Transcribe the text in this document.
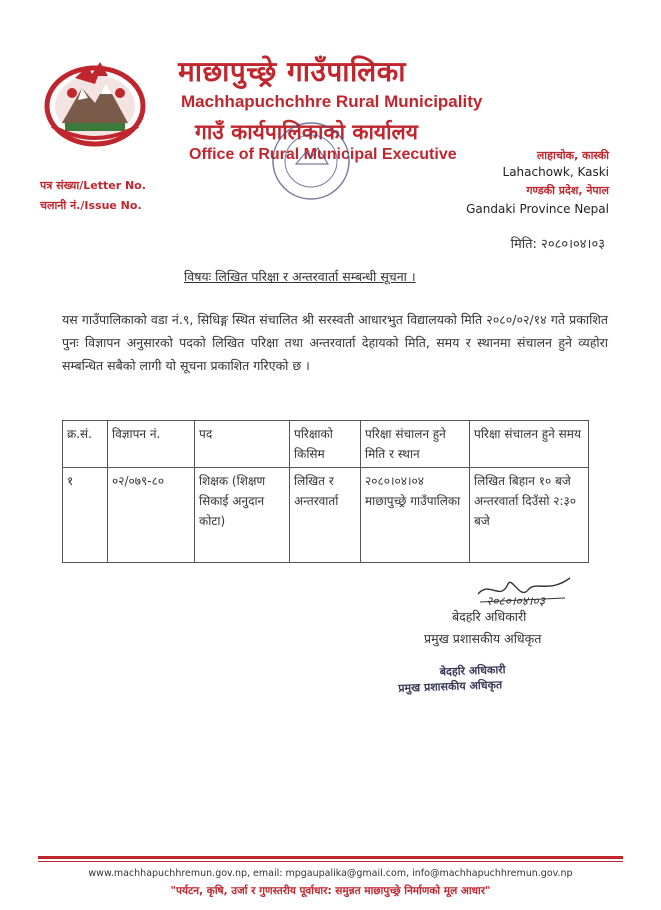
माछापुच्छ्रे गाउँपालिका
Machhapuchchhre Rural Municipality
गाउँ कार्यपालिकाको कार्यालय
Office of Rural Municipal Executive
पत्र संख्या/Letter No.
चलानी नं./Issue No.
लाहाचोक, कास्की
Lahachowk, Kaski
गण्डकी प्रदेश, नेपाल
Gandaki Province Nepal
मिति: २०८०।०४।०३
विषयः लिखित परिक्षा र अन्तरवार्ता सम्बन्धी सूचना ।
यस गाउँपालिकाको वडा नं.९, सिधिङ्ग स्थित संचालित श्री सरस्वती आधारभुत विद्यालयको मिति २०८०/०२/१४ गते प्रकाशित पुनः विज्ञापन अनुसारको पदको लिखित परिक्षा तथा अन्तरवार्ता देहायको मिति, समय र स्थानमा संचालन हुने व्यहोरा सम्बन्धित सबैको लागी यो सूचना प्रकाशित गरिएको छ ।
क्र.सं.	विज्ञापन नं.	पद	परिक्षाको किसिम	परिक्षा संचालन हुने मिति र स्थान	परिक्षा संचालन हुने समय
१	०२/०७९-८०	शिक्षक (शिक्षण सिकाई अनुदान कोटा)	लिखित र अन्तरवार्ता	२०८०।०४।०४ माछापुच्छ्रे गाउँपालिका	लिखित बिहान १० बजे अन्तरवार्ता दिउँसो २:३० बजे
२०८०।०४।०३
बेदहरि अधिकारी
प्रमुख प्रशासकीय अधिकृत
बेदहरि अधिकारी
प्रमुख प्रशासकीय अधिकृत
www.machhapuchhremun.gov.np, email: mpgaupalika@gmail.com, info@machhapuchhremun.gov.np
"पर्यटन, कृषि, उर्जा र गुणस्तरीय पूर्वाधार: समुन्नत माछापुच्छ्रे निर्माणको मूल आधार"
